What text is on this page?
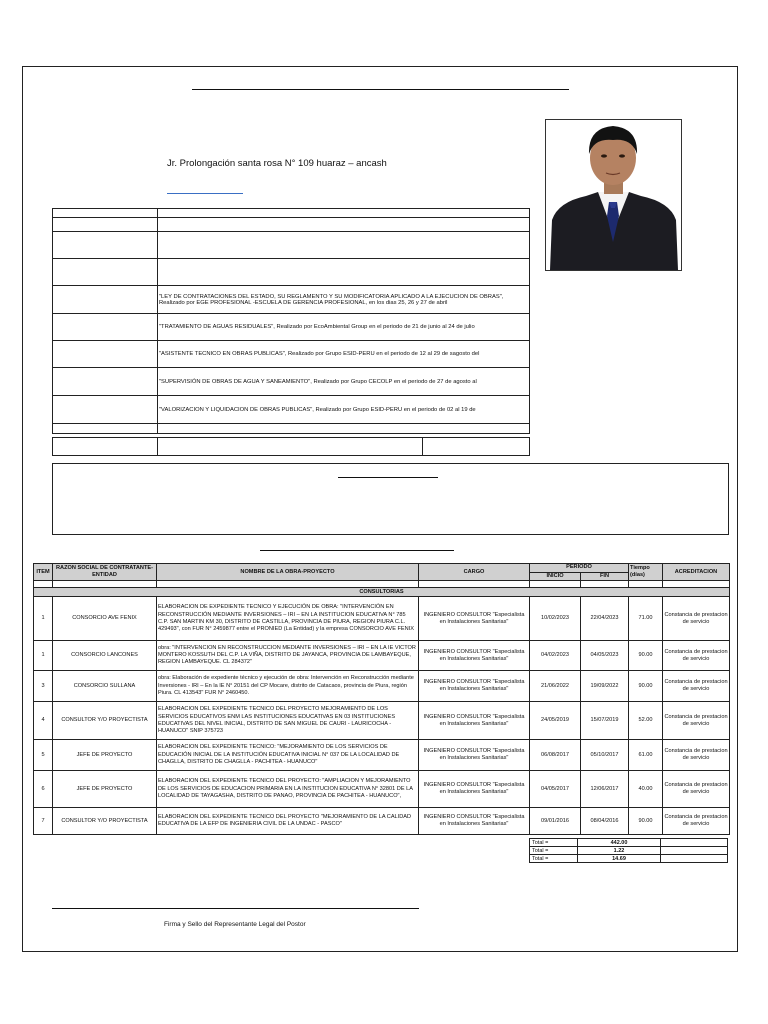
Jr. Prolongación santa rosa N° 109 huaraz – ancash

	"LEY DE CONTRATACIONES DEL ESTADO, SU REGLAMENTO Y SU MODIFICATORIA APLICADO A LA EJECUCION DE OBRAS", Realizado por EGE PROFESIONAL -ESCUELA DE GERENCIA PROFESIONAL, en los dias 25, 26 y 27 de abril
	"TRATAMIENTO DE AGUAS RESIDUALES", Realizado por EcoAmbiental Group en el periodo de 21 de junio al 24 de julio
	"ASISTENTE TECNICO EN OBRAS PUBLICAS", Realizado por Grupo ESID-PERU en el periodo de 12 al 29 de sagosto del
	"SUPERVISIÓN DE OBRAS DE AGUA Y SANEAMIENTO", Realizado por Grupo CECOLP en el periodo de 27 de agosto al
	"VALORIZACION Y LIQUIDACION DE OBRAS PUBLICAS", Realizado por Grupo ESID-PERU en el periodo de 02 al 19 de

ITEM	RAZON SOCIAL DE CONTRATANTE-ENTIDAD	NOMBRE DE LA OBRA-PROYECTO	CARGO	PERIODO		Tiempo (días)	ACREDITACION
				INICIO	FIN		

CONSULTORIAS							
1	CONSORCIO AVE FENIX	ELABORACION DE EXPEDIENTE TECNICO Y EJECUCIÓN DE OBRA: "INTERVENCIÓN EN RECONSTRUCCIÓN MEDIANTE INVERSIONES – IRI – EN LA INSTITUCION EDUCATIVA N° 785 C.P. SAN MARTIN KM 30, DISTRITO DE CASTILLA, PROVINCIA DE PIURA, REGION PIURA C.L. 429493", con FUR N° 2459877 entre el PRONIED (La Entidad) y la empresa CONSORCIO AVE FENIX	INGENIERO CONSULTOR "Especialista en Instalaciones Sanitarias"	10/02/2023	22/04/2023	71.00	Constancia de prestacion de servicio
1	CONSORCIO LANCONES	obra: "INTERVENCION EN RECONSTRUCCION MEDIANTE INVERSIONES – IRI – EN LA IE VICTOR MONTERO KOSSUTH DEL C.P. LA VIÑA, DISTRITO DE JAYANCA, PROVINCIA DE LAMBAYEQUE, REGION LAMBAYEQUE. CL 284372"	INGENIERO CONSULTOR "Especialista en Instalaciones Sanitarias"	04/02/2023	04/05/2023	90.00	Constancia de prestacion de servicio
3	CONSORCIO SULLANA	obra: Elaboración de expediente técnico y ejecución de obra: Intervención en Reconstrucción mediante Inversiones - IRI – En la IE N° 20151 del CP Mocare, distrito de Catacaos, provincia de Piura, región Piura. CL 413543" FUR N° 2460450.	INGENIERO CONSULTOR "Especialista en Instalaciones Sanitarias"	21/06/2022	19/09/2022	90.00	Constancia de prestacion de servicio
4	CONSULTOR Y/O PROYECTISTA	ELABORACION DEL EXPEDIENTE TECNICO DEL PROYECTO MEJORAMIENTO DE LOS SERVICIOS EDUCATIVOS ENM LAS INSTITUCIONES EDUCATIVAS EN 03 INSTITUCIONES EDUCATIVAS DEL NIVEL INICIAL, DISTRITO DE SAN MIGUEL DE CAURI - LAURICOCHA - HUANUCO" SNIP 375723	INGENIERO CONSULTOR "Especialista en Instalaciones Sanitarias"	24/05/2019	15/07/2019	52.00	Constancia de prestacion de servicio
5	JEFE DE PROYECTO	ELABORACION DEL EXPEDIENTE TECNICO: "MEJORAMIENTO DE LOS SERVICIOS DE EDUCACIÓN INICIAL DE LA INSTITUCIÓN EDUCATIVA INICIAL N° 037 DE LA LOCALIDAD DE CHAGLLA, DISTRITO DE CHAGLLA - PACHITEA - HUANUCO"	INGENIERO CONSULTOR "Especialista en Instalaciones Sanitarias"	06/08/2017	05/10/2017	61.00	Constancia de prestacion de servicio
6	JEFE DE PROYECTO	ELABORACION DEL EXPEDIENTE TECNICO DEL PROYECTO: "AMPLIACION Y MEJORAMIENTO DE LOS SERVICIOS DE EDUCACION PRIMARIA EN LA INSTITUCION EDUCATIVA N° 32801 DE LA LOCALIDAD DE TAYAGASHA, DISTRITO DE PANAO, PROVINCIA DE PACHITEA - HUANUCO",	INGENIERO CONSULTOR "Especialista en Instalaciones Sanitarias"	04/05/2017	12/06/2017	40.00	Constancia de prestacion de servicio
7	CONSULTOR Y/O PROYECTISTA	ELABORACION DEL EXPEDIENTE TECNICO DEL PROYECTO "MEJORAMIENTO DE LA CALIDAD EDUCATIVA DE LA EFP DE INGENIERIA CIVIL DE LA UNDAC - PASCO"	INGENIERO CONSULTOR "Especialista en Instalaciones Sanitarias"	09/01/2016	08/04/2016	90.00	Constancia de prestacion de servicio
Total =	442.00	
Total =	1.22	
Total =	14.69	
Firma y Sello del Representante Legal del Postor
